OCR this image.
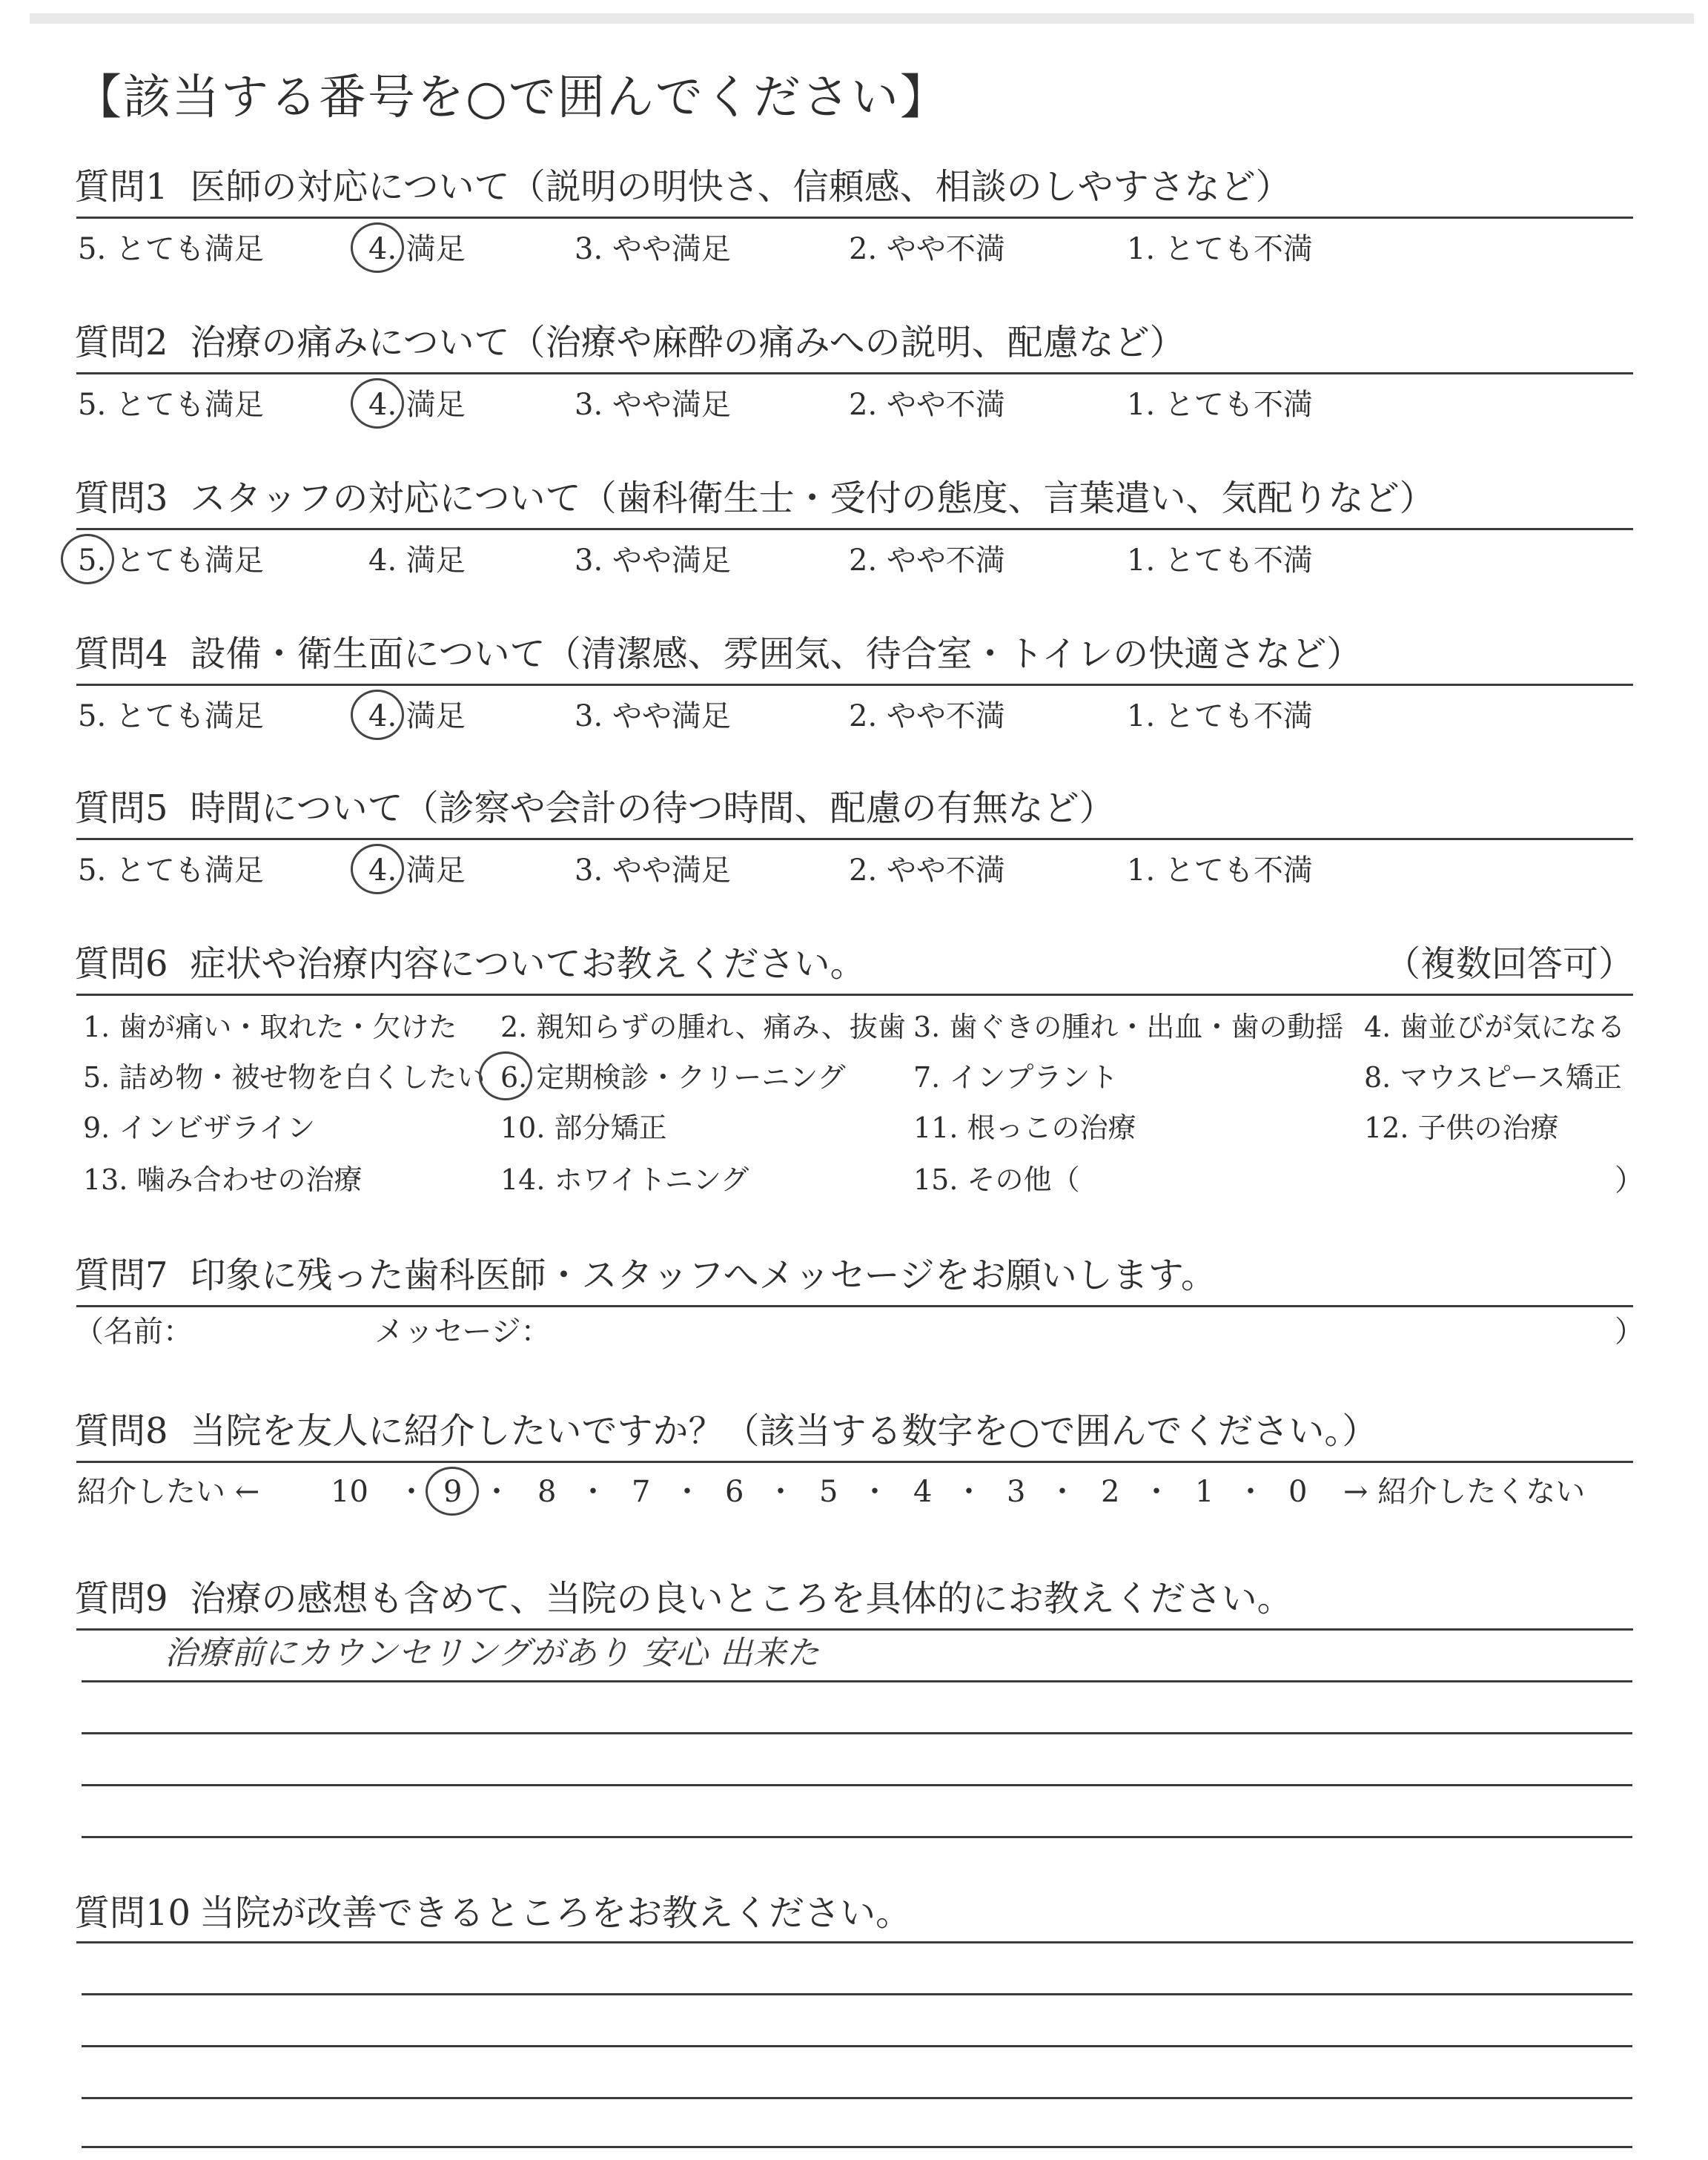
【該当する番号を○で囲んでください】
質問1 医師の対応について（説明の明快さ、信頼感、相談のしやすさなど）
5. とても満足	4. 満足	3. やや満足	2. やや不満	1. とても不満
質問2 治療の痛みについて（治療や麻酔の痛みへの説明、配慮など）
5. とても満足	4. 満足	3. やや満足	2. やや不満	1. とても不満
質問3 スタッフの対応について（歯科衛生士・受付の態度、言葉遣い、気配りなど）
5. とても満足	4. 満足	3. やや満足	2. やや不満	1. とても不満
質問4 設備・衛生面について（清潔感、雰囲気、待合室・トイレの快適さなど）
5. とても満足	4. 満足	3. やや満足	2. やや不満	1. とても不満
質問5 時間について（診察や会計の待つ時間、配慮の有無など）
5. とても満足	4. 満足	3. やや満足	2. やや不満	1. とても不満
質問6 症状や治療内容についてお教えください。	（複数回答可）
1. 歯が痛い・取れた・欠けた 2. 親知らずの腫れ、痛み、抜歯 3. 歯ぐきの腫れ・出血・歯の動揺 4. 歯並びが気になる
5. 詰め物・被せ物を白くしたい 6. 定期検診・クリーニング 7. インプラント	8. マウスピース矯正
9. インビザライン	10. 部分矯正	11. 根っこの治療	12. 子供の治療
13. 噛み合わせの治療	14. ホワイトニング	15. その他（	）
質問7 印象に残った歯科医師・スタッフへメッセージをお願いします。
（名前：	メッセージ：	）
質問8 当院を友人に紹介したいですか？（該当する数字を○で囲んでください。）
紹介したい ← 10 ・ 9 ・ 8 ・ 7 ・ 6 ・ 5 ・ 4 ・ 3 ・ 2 ・ 1 ・ 0 → 紹介したくない
質問9 治療の感想も含めて、当院の良いところを具体的にお教えください。
治療前にカウンセリングがあり 安心 出来た
質問10 当院が改善できるところをお教えください。
